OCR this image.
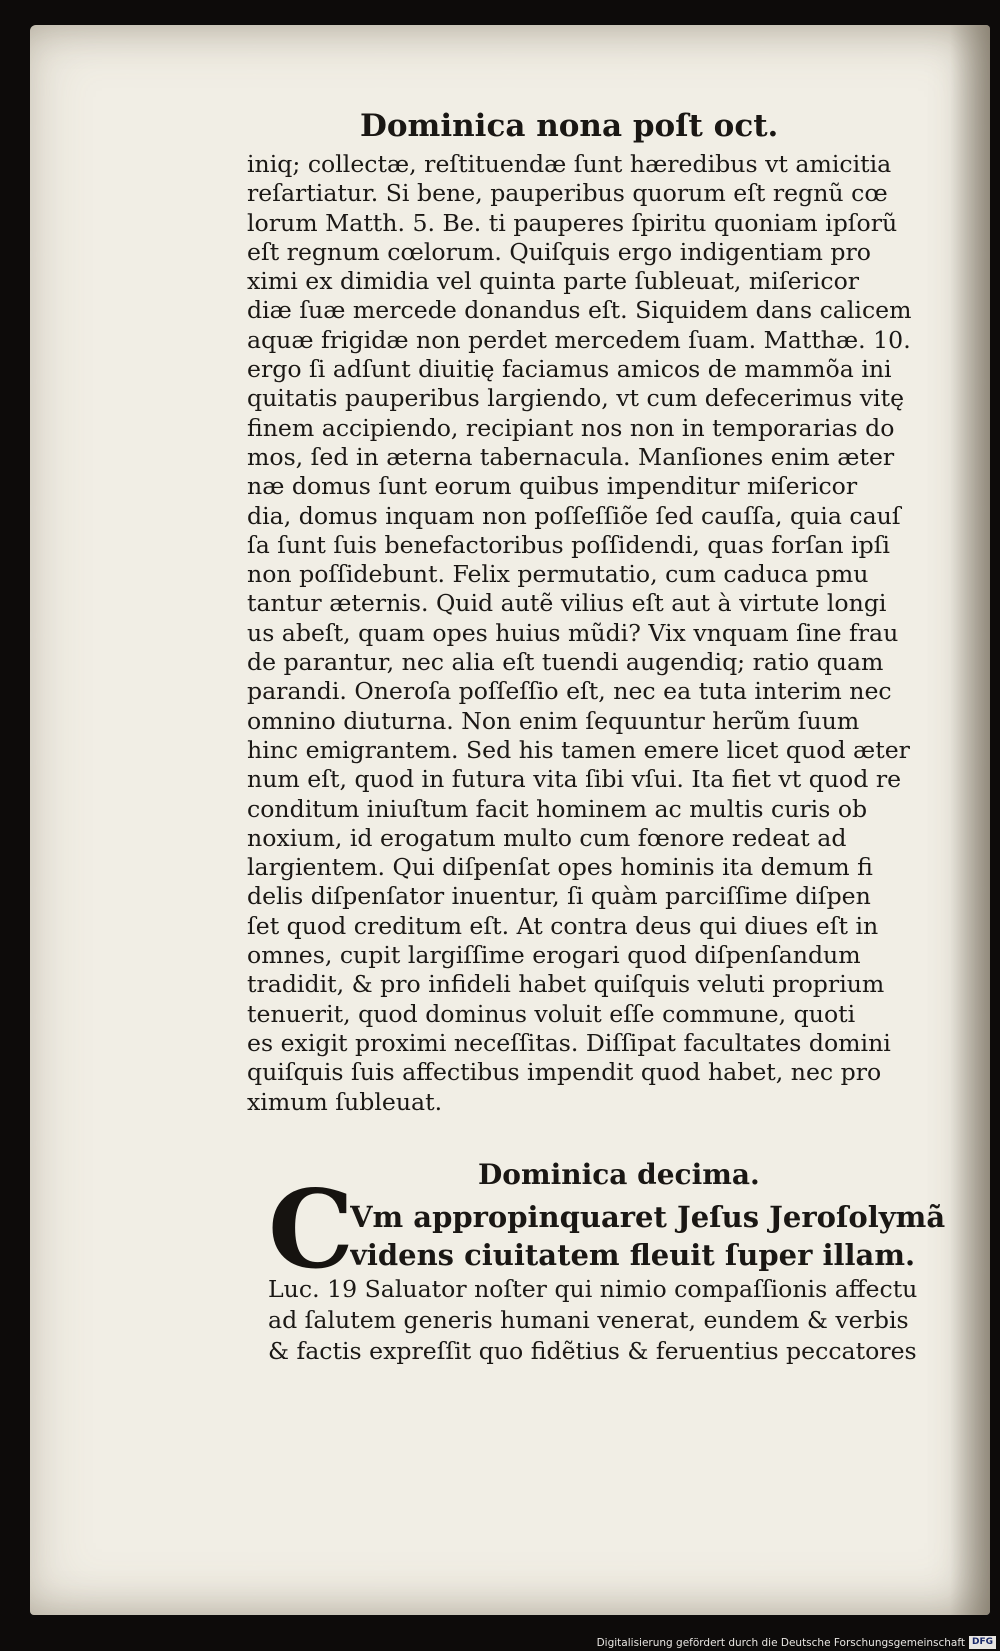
Dominica nona poſt oct.
iniq; collectæ, reſtituendæ ſunt hæredibus vt amicitia
reſartiatur. Si bene, pauperibus quorum eſt regnũ cœ
lorum Matth. 5. Be. ti pauperes ſpiritu quoniam ipſorũ
eſt regnum cœlorum. Quiſquis ergo indigentiam pro
ximi ex dimidia vel quinta parte ſubleuat, miſericor
diæ ſuæ mercede donandus eſt. Siquidem dans calicem
aquæ frigidæ non perdet mercedem ſuam. Matthæ. 10.
ergo ſi adſunt diuitię faciamus amicos de mammõa ini
quitatis pauperibus largiendo, vt cum defecerimus vitę
finem accipiendo, recipiant nos non in temporarias do
mos, ſed in æterna tabernacula. Manſiones enim æter
næ domus ſunt eorum quibus impenditur miſericor
dia, domus inquam non poſſeſſiõe ſed cauſſa, quia cauſ
ſa ſunt ſuis benefactoribus poſſidendi, quas forſan ipſi
non poſſidebunt. Felix permutatio, cum caduca pmu
tantur æternis. Quid autẽ vilius eſt aut à virtute longi
us abeſt, quam opes huius mũdi? Vix vnquam ſine frau
de parantur, nec alia eſt tuendi augendiq; ratio quam
parandi. Oneroſa poſſeſſio eſt, nec ea tuta interim nec
omnino diuturna. Non enim ſequuntur herũm ſuum
hinc emigrantem. Sed his tamen emere licet quod æter
num eſt, quod in futura vita ſibi vſui. Ita fiet vt quod re
conditum iniuſtum facit hominem ac multis curis ob
noxium, id erogatum multo cum fœnore redeat ad
largientem. Qui diſpenſat opes hominis ita demum fi
delis diſpenſator inuentur, ſi quàm parciſſime diſpen
ſet quod creditum eſt. At contra deus qui diues eſt in
omnes, cupit largiſſime erogari quod diſpenſandum
tradidit, & pro infideli habet quiſquis veluti proprium
tenuerit, quod dominus voluit eſſe commune, quoti
es exigit proximi neceſſitas. Diſſipat facultates domini
quiſquis ſuis affectibus impendit quod habet, nec pro
ximum ſubleuat.
Dominica decima.
C
Vm appropinquaret Jeſus Jeroſolymã
videns ciuitatem fleuit ſuper illam.
Luc. 19 Saluator noſter qui nimio compaſſionis affectu
ad ſalutem generis humani venerat, eundem & verbis
& factis expreſſit quo fidẽtius & feruentius peccatores
Digitalisierung gefördert durch die Deutsche Forschungsgemeinschaft DFG
